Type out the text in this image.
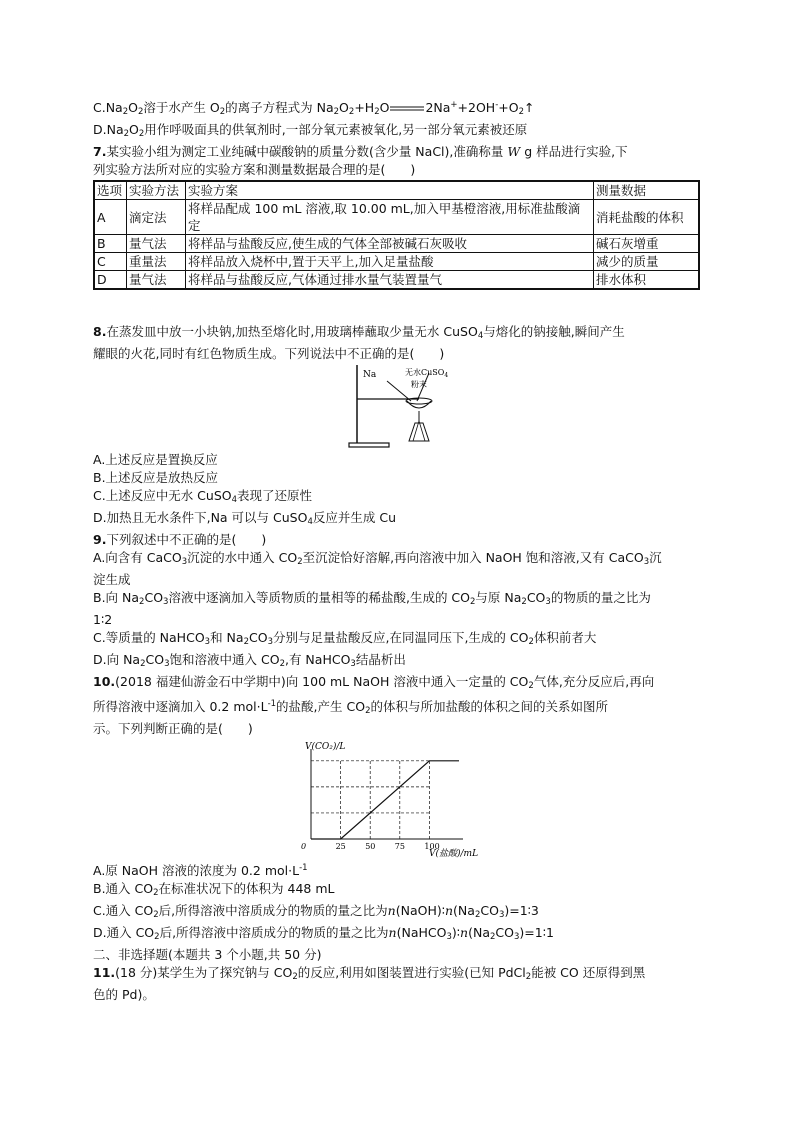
$C.Na_2O_2$溶于水产生 $O_2$的离子方程式为 $Na_2O_2+H_2O$	$2Na^++2OH^-+O_2↑$
$D.Na_2O_2$用作呼吸面具的供氧剂时,一部分氧元素被氧化,另一部分氧元素被还原
7.某实验小组为测定工业纯碱中碳酸钠的质量分数(含少量 NaCl),准确称量 W g 样品进行实验,下
列实验方法所对应的实验方案和测量数据最合理的是(　　)
选项	实验方法	实验方案	测量数据
A	滴定法	将样品配成 100 mL 溶液,取 10.00 mL,加入甲基橙溶液,用标准盐酸滴定	消耗盐酸的体积
B	量气法	将样品与盐酸反应,使生成的气体全部被碱石灰吸收	碱石灰增重
C	重量法	将样品放入烧杯中,置于天平上,加入足量盐酸	减少的质量
D	量气法	将样品与盐酸反应,气体通过排水量气装置量气	排水体积
8.在蒸发皿中放一小块钠,加热至熔化时,用玻璃棒蘸取少量无水 CuSO$_4$与熔化的钠接触,瞬间产生
耀眼的火花,同时有红色物质生成。下列说法中不正确的是(　　)
Na	无水CuSO$_4$
粉末
A.上述反应是置换反应
B.上述反应是放热反应
C.上述反应中无水 CuSO$_4$表现了还原性
D.加热且无水条件下,Na 可以与 CuSO$_4$反应并生成 Cu
9.下列叙述中不正确的是(　　)
A.向含有 CaCO$_3$沉淀的水中通入 $CO_2$至沉淀恰好溶解,再向溶液中加入 NaOH 饱和溶液,又有 CaCO$_3$沉
淀生成
B.向 $Na_2CO_3$溶液中逐滴加入等质物质的量相等的稀盐酸,生成的 $CO_2$与原 $Na_2CO_3$的物质的量之比为
1∶2
C.等质量的 NaHCO$_3$和 $Na_2CO_3$分别与足量盐酸反应,在同温同压下,生成的 $CO_2$体积前者大
D.向 $Na_2CO_3$饱和溶液中通入 $CO_2$,有 NaHCO$_3$结晶析出
10.(2018 福建仙游金石中学期中)向 100 mL NaOH 溶液中通入一定量的 $CO_2$气体,充分反应后,再向
所得溶液中逐滴加入 0.2 $mol\cdot L^{-1}$的盐酸,产生 $CO_2$的体积与所加盐酸的体积之间的关系如图所
示。下列判断正确的是(　　)
0	25 50 75 100
V(CO₂)/L
V(盐酸)/mL
A.原 NaOH 溶液的浓度为 0.2 $mol\cdot L^{-1}$
B.通入 $CO_2$在标准状况下的体积为 448 mL
C.通入 $CO_2$后,所得溶液中溶质成分的物质的量之比为$n(NaOH)∶n(Na_2CO_3)=1∶3$
D.通入 $CO_2$后,所得溶液中溶质成分的物质的量之比为$n(NaHCO_3)∶n(Na_2CO_3)=1∶1$
二、非选择题(本题共 3 个小题,共 50 分)
11.(18 分)某学生为了探究钠与 $CO_2$的反应,利用如图装置进行实验(已知 PdCl$_2$能被 CO 还原得到黑
色的 Pd)。
